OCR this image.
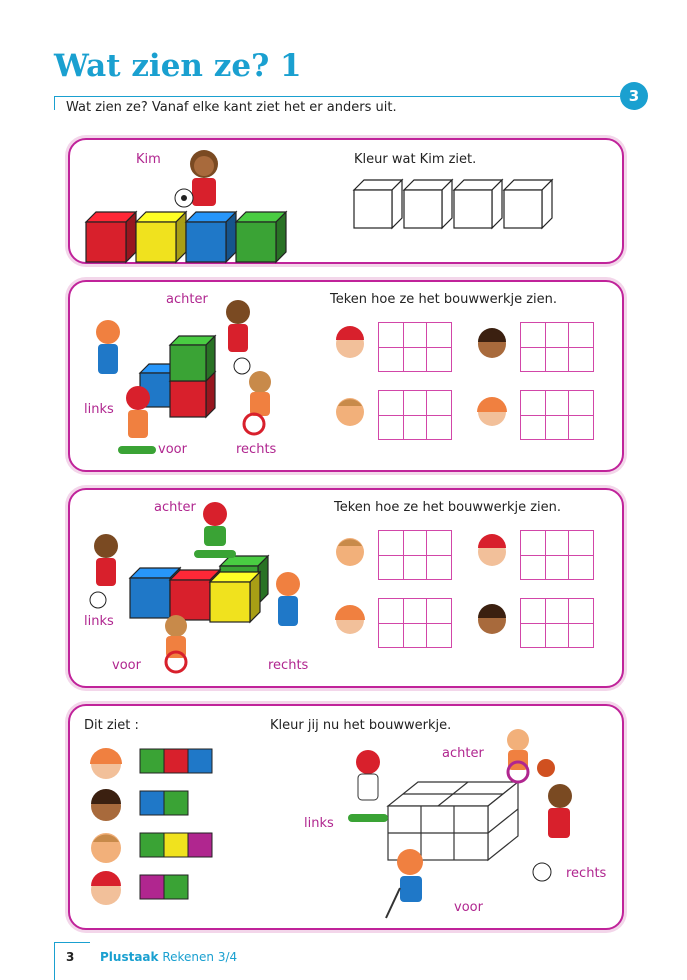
Wat zien ze? 1
3
Wat zien ze? Vanaf elke kant ziet het er anders uit.
Kim	Kleur wat Kim ziet.
achter
links
voor	rechts
Teken hoe ze het bouwwerkje zien.
achter
links
voor	rechts
Teken hoe ze het bouwwerkje zien.
Dit ziet :	Kleur jij nu het bouwwerkje.
achter
links
voor
rechts
3 Plustaak Rekenen 3/4
